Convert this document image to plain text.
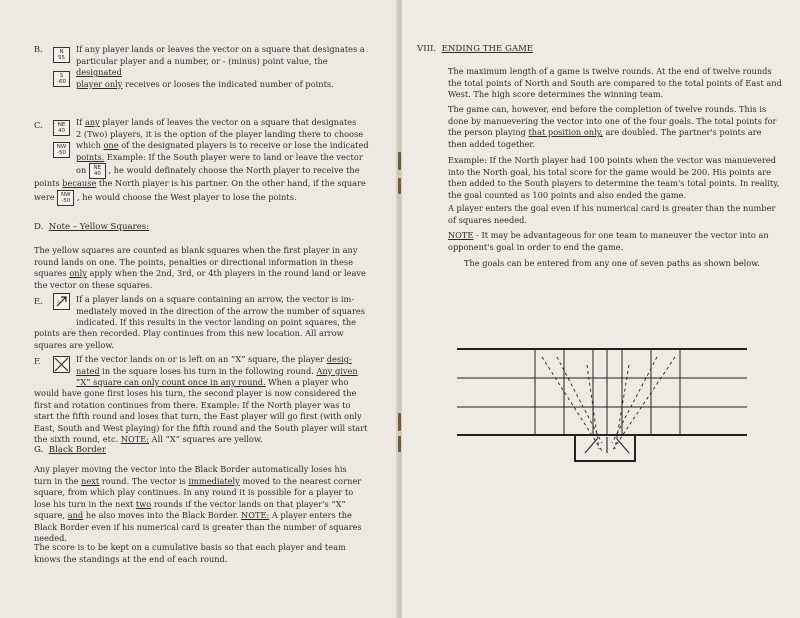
B.	N
55
S
-60

If any player lands or leaves the vector on a square that designates a

particular player and a number, or - (minus) point value, the designated

player only receives or looses the indicated number of points.

C.	NE
40
NW
-50

If any player lands of leaves the vector on a square that designates

2 (Two) players, it is the option of the player landing there to choose

which one of the designated players is to receive or lose the indicated

points. Example: If the South player were to land or leave the vector

on NE
40 , he would definately choose the North player to receive the

points because the North player is his partner. On the other hand, if the square

were NW
-50 , he would choose the West player to lose the points.

D. Note – Yellow Squares:

The yellow squares are counted as blank squares when the first player in any

round lands on one. The points, penalties or directional information in these

squares only apply when the 2nd, 3rd, or 4th players in the round land or leave

the vector on these squares.

E.	3 If a player lands on a square containing an arrow, the vector is im-

mediately moved in the direction of the arrow the number of squares

indicated. If this results in the vector landing on point squares, the

points are then recorded. Play continues from this new location. All arrow

squares are yellow.

F.	If the vector lands on or is left on an “X” square, the player desig-

nated in the square loses his turn in the following round. Any given

“X” square can only count once in any round. When a player who

would have gone first loses his turn, the second player is now considered the

first and rotation continues from there. Example: If the North player was to

start the fifth round and loses that turn, the East player will go first (with only

East, South and West playing) for the fifth round and the South player will start

the sixth round, etc. NOTE: All “X” squares are yellow.

G. Black Border

Any player moving the vector into the Black Border automatically loses his

turn in the next round. The vector is immediately moved to the nearest corner

square, from which play continues. In any round it is possible for a player to

lose his turn in the next two rounds if the vector lands on that player's “X”

square, and he also moves into the Black Border. NOTE: A player enters the

Black Border even if his numerical card is greater than the number of squares

needed.

The score is to be kept on a cumulative basis so that each player and team

knows the standings at the end of each round.

VIII. ENDING THE GAME

The maximum length of a game is twelve rounds. At the end of twelve rounds

the total points of North and South are compared to the total points of East and

West. The high score determines the winning team.

The game can, however, end before the completion of twelve rounds. This is

done by manuevering the vector into one of the four goals. The total points for

the person playing that position only, are doubled. The partner's points are

then added together.

Example: If the North player had 100 points when the vector was manuevered

into the North goal, his total score for the game would be 200. His points are

then added to the South players to determine the team's total points. In reality,

the goal counted as 100 points and also ended the game.

A player enters the goal even if his numerical card is greater than the number

of squares needed.

NOTE - It may be advantageous for one team to maneuver the vector into an

opponent's goal in order to end the game.

The goals can be entered from any one of seven paths as shown below.
